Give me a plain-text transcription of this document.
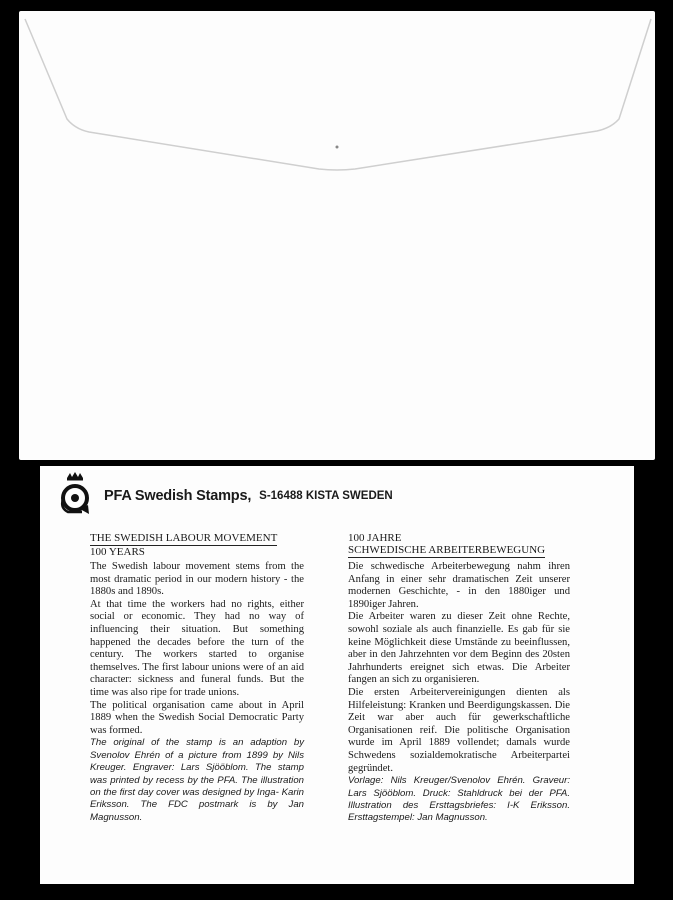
PFA Swedish Stamps, S-16488 KISTA SWEDEN
THE SWEDISH LABOUR MOVEMENT
100 YEARS

The Swedish labour movement stems from the most dramatic period in our modern history - the 1880s and 1890s.

At that time the workers had no rights, either social or economic. They had no way of influencing their situation. But something happened the decades before the turn of the century. The workers started to organise themselves. The first labour unions were of an aid character: sickness and funeral funds. But the time was also ripe for trade unions.

The political organisation came about in April 1889 when the Swedish Social Democratic Party was formed.

The original of the stamp is an adaption by Svenolov Ehrén of a picture from 1899 by Nils Kreuger. Engraver: Lars Sjööblom. The stamp was printed by recess by the PFA. The illustration on the first day cover was designed by Inga- Karin Eriksson. The FDC postmark is by Jan Magnusson.

100 JAHRE
SCHWEDISCHE ARBEITERBEWEGUNG

Die schwedische Arbeiterbewegung nahm ihren Anfang in einer sehr dramatischen Zeit unserer modernen Geschichte, - in den 1880iger und 1890iger Jahren.

Die Arbeiter waren zu dieser Zeit ohne Rechte, sowohl soziale als auch finanzielle. Es gab für sie keine Möglichkeit diese Umstände zu beeinflussen, aber in den Jahrzehnten vor dem Beginn des 20sten Jahrhunderts ereignet sich etwas. Die Arbeiter fangen an sich zu organisieren.

Die ersten Arbeitervereinigungen dienten als Hilfeleistung: Kranken und Beerdigungskassen. Die Zeit war aber auch für gewerkschaftliche Organisationen reif. Die politische Organisation wurde im April 1889 vollendet; damals wurde Schwedens sozialdemokratische Arbeiterpartei gegründet.

Vorlage: Nils Kreuger/Svenolov Ehrén. Graveur: Lars Sjööblom. Druck: Stahldruck bei der PFA. Illustration des Ersttagsbriefes: I-K Eriksson. Ersttagstempel: Jan Magnusson.
